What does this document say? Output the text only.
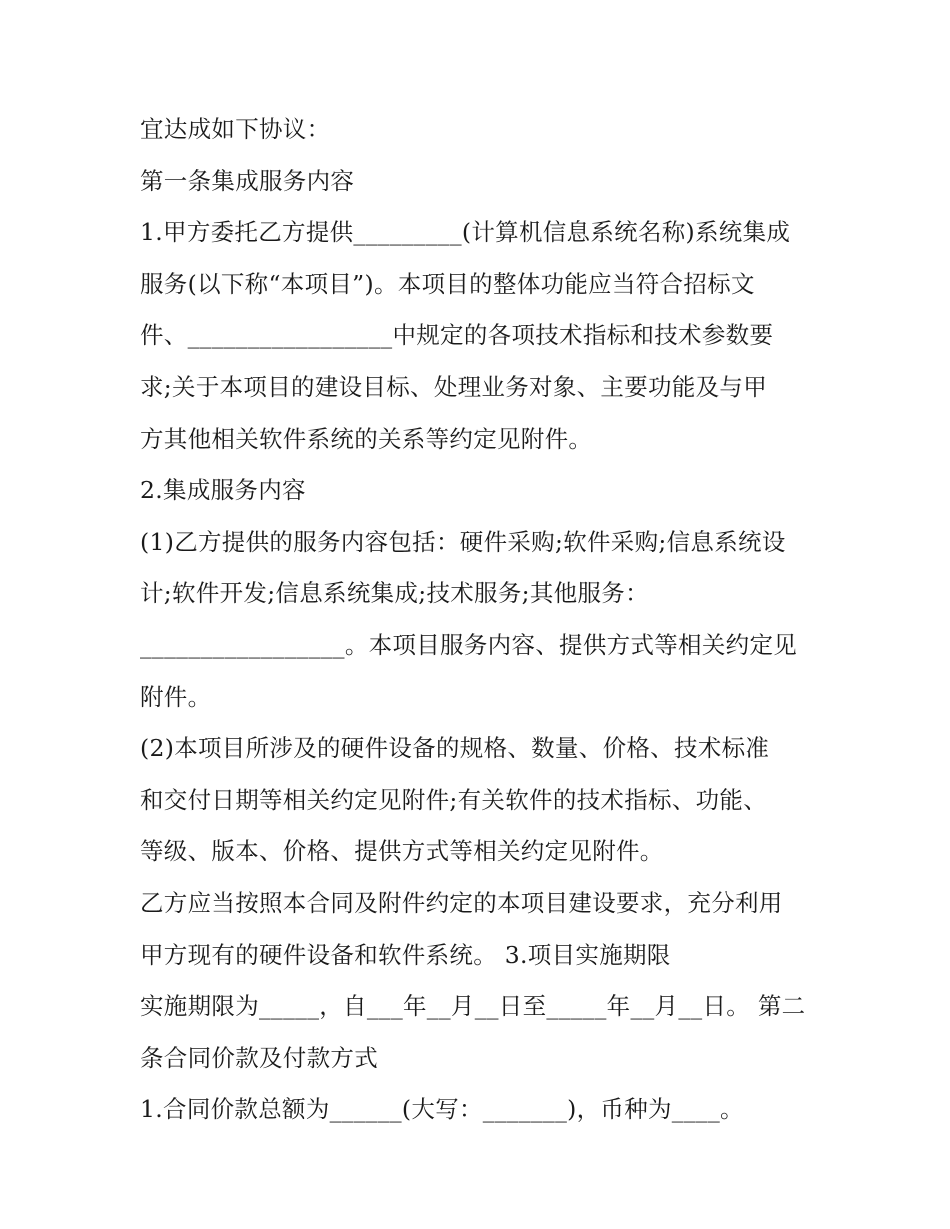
宜达成如下协议：
第一条集成服务内容
1.甲方委托乙方提供_________(计算机信息系统名称)系统集成
服务(以下称“本项目”)。本项目的整体功能应当符合招标文
件、_________________中规定的各项技术指标和技术参数要
求;关于本项目的建设目标、处理业务对象、主要功能及与甲
方其他相关软件系统的关系等约定见附件。
2.集成服务内容
(1)乙方提供的服务内容包括：硬件采购;软件采购;信息系统设
计;软件开发;信息系统集成;技术服务;其他服务：
_________________。本项目服务内容、提供方式等相关约定见
附件。
(2)本项目所涉及的硬件设备的规格、数量、价格、技术标准
和交付日期等相关约定见附件;有关软件的技术指标、功能、
等级、版本、价格、提供方式等相关约定见附件。
乙方应当按照本合同及附件约定的本项目建设要求，充分利用
甲方现有的硬件设备和软件系统。 3.项目实施期限
实施期限为_____，自___年__月__日至_____年__月__日。 第二
条合同价款及付款方式
1.合同价款总额为______(大写：_______)，币种为____。
